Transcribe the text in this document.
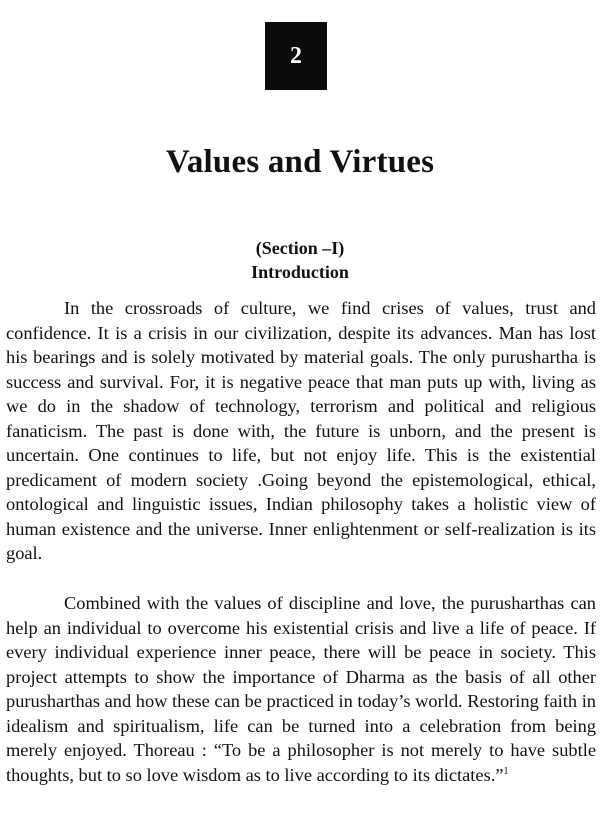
2
Values and Virtues
(Section –I)
Introduction

In the crossroads of culture, we find crises of values, trust and confidence. It is a crisis in our civilization, despite its advances. Man has lost his bearings and is solely motivated by material goals. The only purushartha is success and survival. For, it is negative peace that man puts up with, living as we do in the shadow of technology, terrorism and political and religious fanaticism. The past is done with, the future is unborn, and the present is uncertain. One continues to life, but not enjoy life. This is the existential predicament of modern society .Going beyond the epistemological, ethical, ontological and linguistic issues, Indian philosophy takes a holistic view of human existence and the universe. Inner enlightenment or self-realization is its goal.

Combined with the values of discipline and love, the purusharthas can help an individual to overcome his existential crisis and live a life of peace. If every individual experience inner peace, there will be peace in society. This project attempts to show the importance of Dharma as the basis of all other purusharthas and how these can be practiced in today’s world. Restoring faith in idealism and spiritualism, life can be turned into a celebration from being merely enjoyed. Thoreau : “To be a philosopher is not merely to have subtle thoughts, but to so love wisdom as to live according to its dictates.”$^1$
